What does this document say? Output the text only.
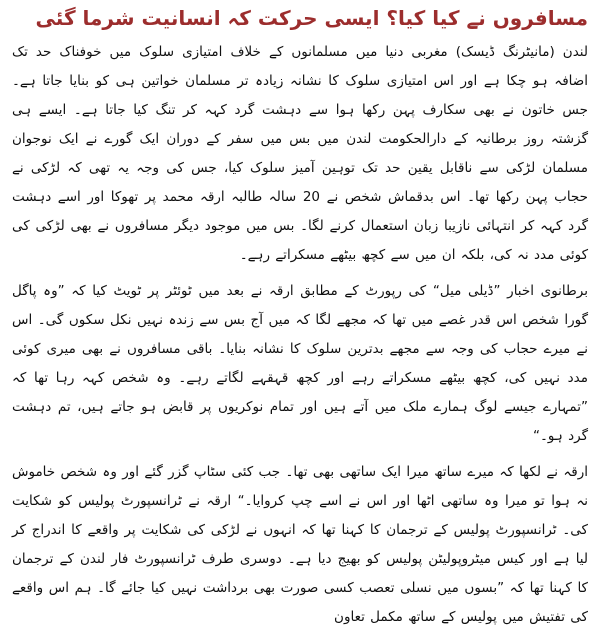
مسافروں نے کیا کیا؟ ایسی حرکت کہ انسانیت شرما گئی

لندن (مانیٹرنگ ڈیسک) مغربی دنیا میں مسلمانوں کے خلاف امتیازی سلوک میں خوفناک حد تک اضافہ ہو چکا ہے اور اس امتیازی سلوک کا نشانہ زیادہ تر مسلمان خواتین ہی کو بنایا جاتا ہے۔ جس خاتون نے بھی سکارف پہن رکھا ہوا سے دہشت گرد کہہ کر تنگ کیا جاتا ہے۔ ایسے ہی گزشتہ روز برطانیہ کے دارالحکومت لندن میں بس میں سفر کے دوران ایک گورے نے ایک نوجوان مسلمان لڑکی سے ناقابل یقین حد تک توہین آمیز سلوک کیا، جس کی وجہ یہ تھی کہ لڑکی نے حجاب پہن رکھا تھا۔ اس بدقماش شخص نے 20 سالہ طالبہ ارقہ محمد پر تھوکا اور اسے دہشت گرد کہہ کر انتہائی نازیبا زبان استعمال کرنے لگا۔ بس میں موجود دیگر مسافروں نے بھی لڑکی کی کوئی مدد نہ کی، بلکہ ان میں سے کچھ بیٹھے مسکراتے رہے۔

برطانوی اخبار ”ڈیلی میل“ کی رپورٹ کے مطابق ارقہ نے بعد میں ٹوئٹر پر ٹویٹ کیا کہ ”وہ پاگل گورا شخص اس قدر غصے میں تھا کہ مجھے لگا کہ میں آج بس سے زندہ نہیں نکل سکوں گی۔ اس نے میرے حجاب کی وجہ سے مجھے بدترین سلوک کا نشانہ بنایا۔ باقی مسافروں نے بھی میری کوئی مدد نہیں کی، کچھ بیٹھے مسکراتے رہے اور کچھ قہقہے لگاتے رہے۔ وہ شخص کہہ رہا تھا کہ ”تمہارے جیسے لوگ ہمارے ملک میں آتے ہیں اور تمام نوکریوں پر قابض ہو جاتے ہیں، تم دہشت گرد ہو۔“

ارقہ نے لکھا کہ میرے ساتھ میرا ایک ساتھی بھی تھا۔ جب کئی سٹاپ گزر گئے اور وہ شخص خاموش نہ ہوا تو میرا وہ ساتھی اٹھا اور اس نے اسے چپ کروایا۔“ ارقہ نے ٹرانسپورٹ پولیس کو شکایت کی۔ ٹرانسپورٹ پولیس کے ترجمان کا کہنا تھا کہ انہوں نے لڑکی کی شکایت پر واقعے کا اندراج کر لیا ہے اور کیس میٹروپولیٹن پولیس کو بھیج دیا ہے۔ دوسری طرف ٹرانسپورٹ فار لندن کے ترجمان کا کہنا تھا کہ ”بسوں میں نسلی تعصب کسی صورت بھی برداشت نہیں کیا جائے گا۔ ہم اس واقعے کی تفتیش میں پولیس کے ساتھ مکمل تعاون
